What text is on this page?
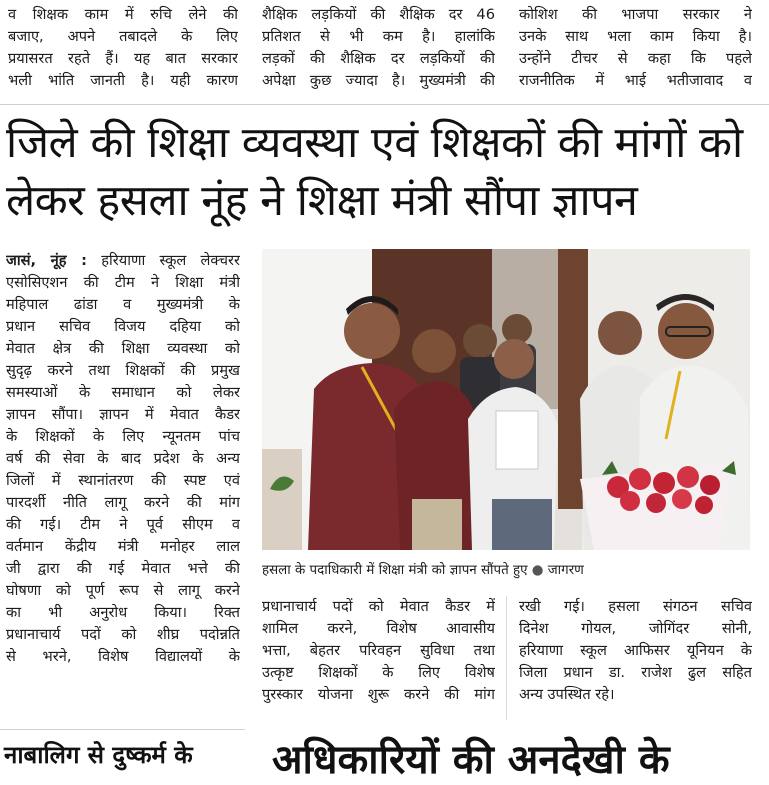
व शिक्षक काम में रुचि लेने की
बजाए, अपने तबादले के लिए
प्रयासरत रहते हैं। यह बात सरकार
भली भांति जानती है। यही कारण
शैक्षिक लड़कियों की शैक्षिक दर 46
प्रतिशत से भी कम है। हालांकि
लड़कों की शैक्षिक दर लड़कियों की
अपेक्षा कुछ ज्यादा है। मुख्यमंत्री की
कोशिश की भाजपा सरकार ने
उनके साथ भला काम किया है।
उन्होंने टीचर से कहा कि पहले
राजनीतिक में भाई भतीजावाद व
जिले की शिक्षा व्यवस्था एवं शिक्षकों की मांगों को
लेकर हसला नूंह ने शिक्षा मंत्री सौंपा ज्ञापन
जासं, नूंह : हरियाणा स्कूल लेक्चरर
एसोसिएशन की टीम ने शिक्षा मंत्री
महिपाल ढांडा व मुख्यमंत्री के
प्रधान सचिव विजय दहिया को
मेवात क्षेत्र की शिक्षा व्यवस्था को
सुदृढ़ करने तथा शिक्षकों की प्रमुख
समस्याओं के समाधान को लेकर
ज्ञापन सौंपा। ज्ञापन में मेवात कैडर
के शिक्षकों के लिए न्यूनतम पांच
वर्ष की सेवा के बाद प्रदेश के अन्य
जिलों में स्थानांतरण की स्पष्ट एवं
पारदर्शी नीति लागू करने की मांग
की गई। टीम ने पूर्व सीएम व
वर्तमान केंद्रीय मंत्री मनोहर लाल
जी द्वारा की गई मेवात भत्ते की
घोषणा को पूर्ण रूप से लागू करने
का भी अनुरोध किया। रिक्त
प्रधानाचार्य पदों को शीघ्र पदोन्नति
से भरने, विशेष विद्यालयों के
हसला के पदाधिकारी में शिक्षा मंत्री को ज्ञापन सौंपते हुए ● जागरण
प्रधानाचार्य पदों को मेवात कैडर में
शामिल करने, विशेष आवासीय
भत्ता, बेहतर परिवहन सुविधा तथा
उत्कृष्ट शिक्षकों के लिए विशेष
पुरस्कार योजना शुरू करने की मांग
रखी गई। हसला संगठन सचिव
दिनेश गोयल, जोगिंदर सोनी,
हरियाणा स्कूल आफिसर यूनियन के
जिला प्रधान डा. राजेश ढुल सहित
अन्य उपस्थित रहे।
नाबालिग से दुष्कर्म के अधिकारियों की अनदेखी के
